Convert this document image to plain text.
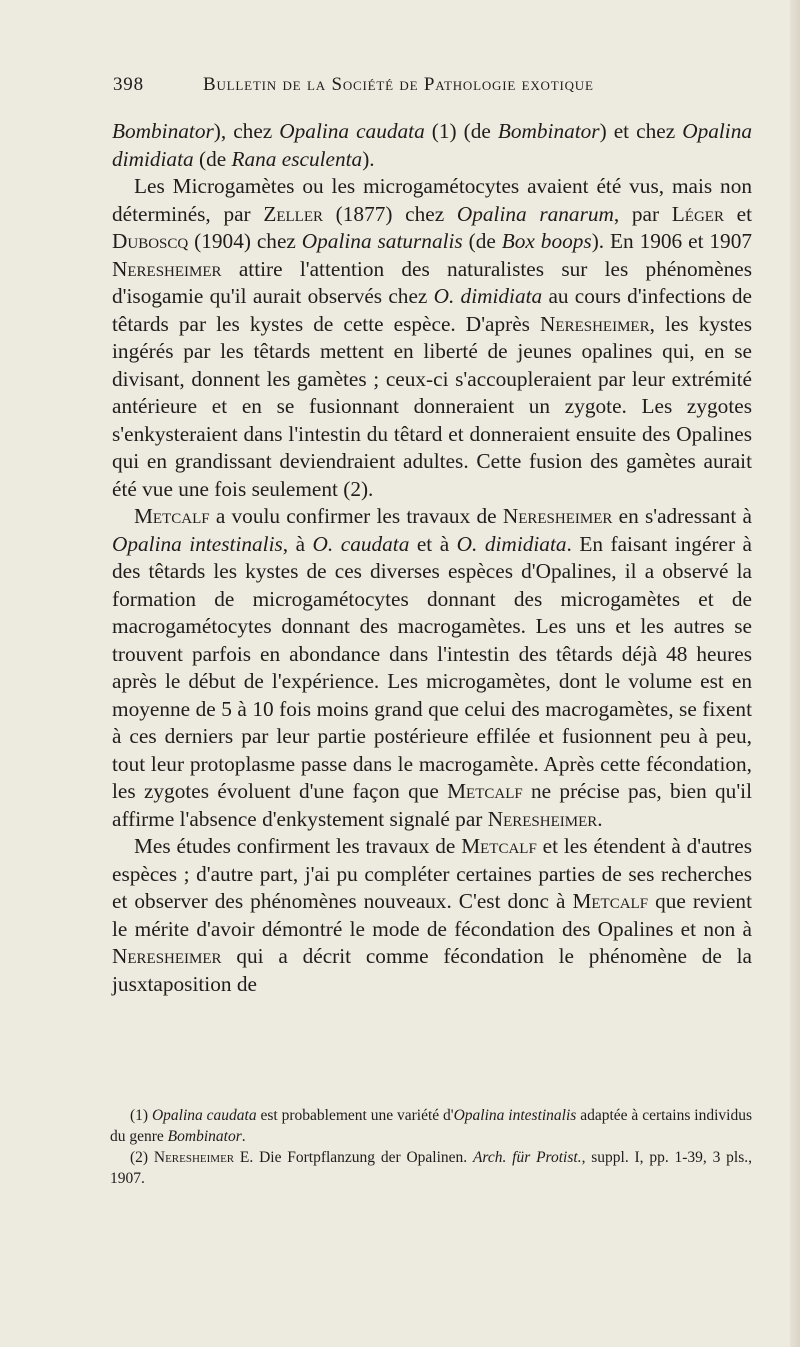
398	Bulletin de la Société de Pathologie exotique

Bombinator), chez Opalina caudata (1) (de Bombinator) et chez Opalina dimidiata (de Rana esculenta).

Les Microgamètes ou les microgamétocytes avaient été vus, mais non déterminés, par Zeller (1877) chez Opalina ranarum, par Léger et Duboscq (1904) chez Opalina saturnalis (de Box boops). En 1906 et 1907 Neresheimer attire l'attention des naturalistes sur les phénomènes d'isogamie qu'il aurait observés chez O. dimidiata au cours d'infections de têtards par les kystes de cette espèce. D'après Neresheimer, les kystes ingérés par les têtards mettent en liberté de jeunes opalines qui, en se divisant, donnent les gamètes ; ceux-ci s'accoupleraient par leur extrémité antérieure et en se fusionnant donneraient un zygote. Les zygotes s'enkysteraient dans l'intestin du têtard et donneraient ensuite des Opalines qui en grandissant deviendraient adultes. Cette fusion des gamètes aurait été vue une fois seulement (2).

Metcalf a voulu confirmer les travaux de Neresheimer en s'adressant à Opalina intestinalis, à O. caudata et à O. dimidiata. En faisant ingérer à des têtards les kystes de ces diverses espèces d'Opalines, il a observé la formation de microgamétocytes donnant des microgamètes et de macrogamétocytes donnant des macrogamètes. Les uns et les autres se trouvent parfois en abondance dans l'intestin des têtards déjà 48 heures après le début de l'expérience. Les microgamètes, dont le volume est en moyenne de 5 à 10 fois moins grand que celui des macrogamètes, se fixent à ces derniers par leur partie postérieure effilée et fusionnent peu à peu, tout leur protoplasme passe dans le macrogamète. Après cette fécondation, les zygotes évoluent d'une façon que Metcalf ne précise pas, bien qu'il affirme l'absence d'enkystement signalé par Neresheimer.

Mes études confirment les travaux de Metcalf et les étendent à d'autres espèces ; d'autre part, j'ai pu compléter certaines parties de ses recherches et observer des phénomènes nouveaux. C'est donc à Metcalf que revient le mérite d'avoir démontré le mode de fécondation des Opalines et non à Neresheimer qui a décrit comme fécondation le phénomène de la jusxtaposition de

(1) Opalina caudata est probablement une variété d'Opalina intestinalis adaptée à certains individus du genre Bombinator.

(2) Neresheimer E. Die Fortpflanzung der Opalinen. Arch. für Protist., suppl. I, pp. 1-39, 3 pls., 1907.
